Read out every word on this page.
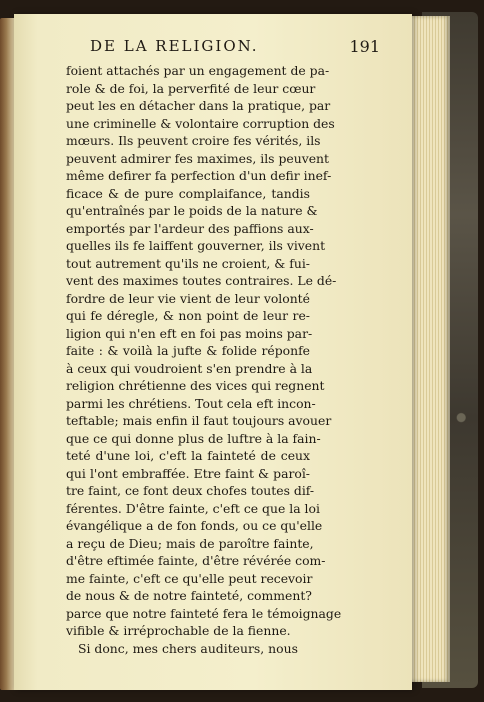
DE LA RELIGION.	191
foient attachés par un engagement de pa-
role & de foi, la perverfité de leur cœur
peut les en détacher dans la pratique, par
une criminelle & volontaire corruption des
mœurs. Ils peuvent croire fes vérités, ils
peuvent admirer fes maximes, ils peuvent
même defirer fa perfection d'un defir inef-
ficace & de pure complaifance, tandis
qu'entraînés par le poids de la nature &
emportés par l'ardeur des paffions aux-
quelles ils fe laiffent gouverner, ils vivent
tout autrement qu'ils ne croient, & fui-
vent des maximes toutes contraires. Le dé-
fordre de leur vie vient de leur volonté
qui fe déregle, & non point de leur re-
ligion qui n'en eft en foi pas moins par-
faite : & voilà la jufte & folide réponfe
à ceux qui voudroient s'en prendre à la
religion chrétienne des vices qui regnent
parmi les chrétiens. Tout cela eft incon-
teftable; mais enfin il faut toujours avouer
que ce qui donne plus de luftre à la fain-
teté d'une loi, c'eft la fainteté de ceux
qui l'ont embraffée. Etre faint & paroî-
tre faint, ce font deux chofes toutes dif-
férentes. D'être fainte, c'eft ce que la loi
évangélique a de fon fonds, ou ce qu'elle
a reçu de Dieu; mais de paroître fainte,
d'être eftimée fainte, d'être révérée com-
me fainte, c'eft ce qu'elle peut recevoir
de nous & de notre fainteté, comment?
parce que notre fainteté fera le témoignage
vifible & irréprochable de la fienne.
Si donc, mes chers auditeurs, nous
